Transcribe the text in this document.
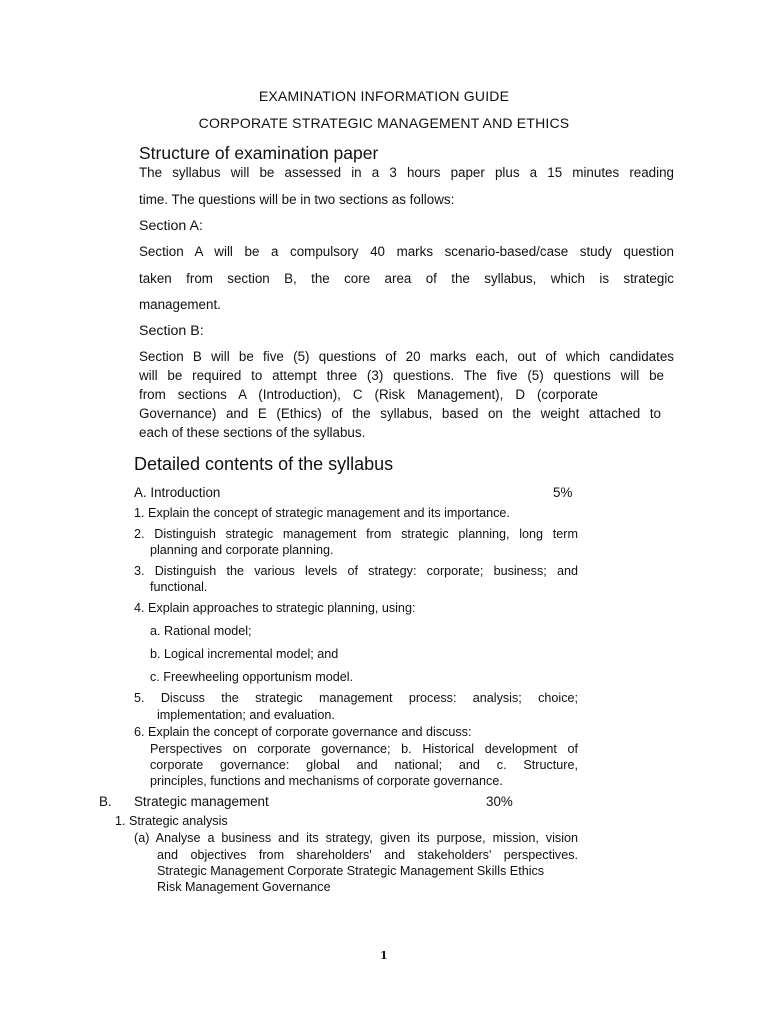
EXAMINATION INFORMATION GUIDE

CORPORATE STRATEGIC MANAGEMENT AND ETHICS

Structure of examination paper

The syllabus will be assessed in a 3 hours paper plus a 15 minutes reading

time. The questions will be in two sections as follows:

Section A:

Section A will be a compulsory 40 marks scenario-based/case study question

taken from section B, the core area of the syllabus, which is strategic

management.

Section B:

Section B will be five (5) questions of 20 marks each, out of which candidates

will be required to attempt three (3) questions. The five (5) questions will be

from sections A (Introduction), C (Risk Management), D (corporate

Governance) and E (Ethics) of the syllabus, based on the weight attached to

each of these sections of the syllabus.

Detailed contents of the syllabus

A. Introduction	5%

1. Explain the concept of strategic management and its importance.

2. Distinguish strategic management from strategic planning, long term

planning and corporate planning.

3. Distinguish the various levels of strategy: corporate; business; and

functional.

4. Explain approaches to strategic planning, using:

a. Rational model;

b. Logical incremental model; and

c. Freewheeling opportunism model.

5. Discuss the strategic management process: analysis; choice;

implementation; and evaluation.

6. Explain the concept of corporate governance and discuss:

Perspectives on corporate governance; b. Historical development of

corporate governance: global and national; and c. Structure,

principles, functions and mechanisms of corporate governance.

B. Strategic management	30%

1. Strategic analysis

(a) Analyse a business and its strategy, given its purpose, mission, vision

and objectives from shareholders' and stakeholders' perspectives.

Strategic Management Corporate Strategic Management Skills Ethics

Risk Management Governance

1
